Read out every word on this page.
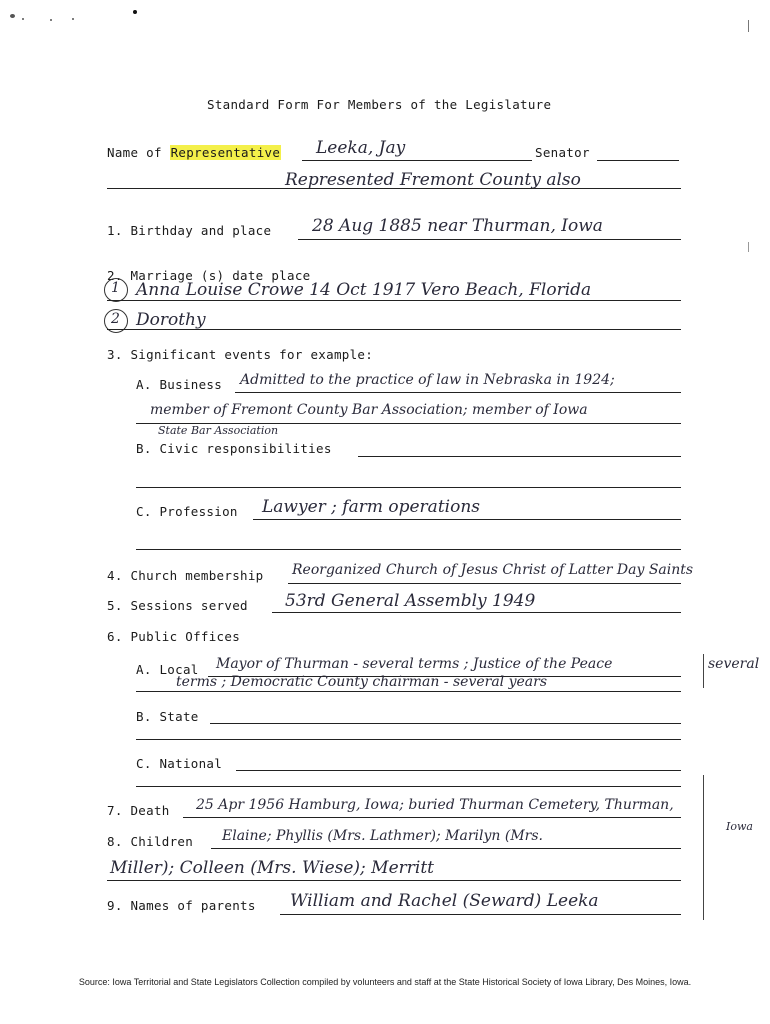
Standard Form For Members of the Legislature
Name of Representative Leeka, Jay	Senator
Represented Fremont County also
1. Birthday and place 28 Aug 1885 near Thurman, Iowa
2. Marriage (s) date place
1 Anna Louise Crowe 14 Oct 1917 Vero Beach, Florida
2 Dorothy
3. Significant events for example:
A. Business Admitted to the practice of law in Nebraska in 1924;
member of Fremont County Bar Association; member of Iowa
State Bar Association
B. Civic responsibilities
C. Profession Lawyer ; farm operations
4. Church membership Reorganized Church of Jesus Christ of Latter Day Saints
5. Sessions served 53rd General Assembly 1949
6. Public Offices
A. Local Mayor of Thurman - several terms ; Justice of the Peace	several
terms ; Democratic County chairman - several years
B. State
C. National
7. Death 25 Apr 1956 Hamburg, Iowa; buried Thurman Cemetery, Thurman,
Iowa
8. Children Elaine; Phyllis (Mrs. Lathmer); Marilyn (Mrs.
Miller); Colleen (Mrs. Wiese); Merritt
9. Names of parents William and Rachel (Seward) Leeka
Source: Iowa Territorial and State Legislators Collection compiled by volunteers and staff at the State Historical Society of Iowa Library, Des Moines, Iowa.
